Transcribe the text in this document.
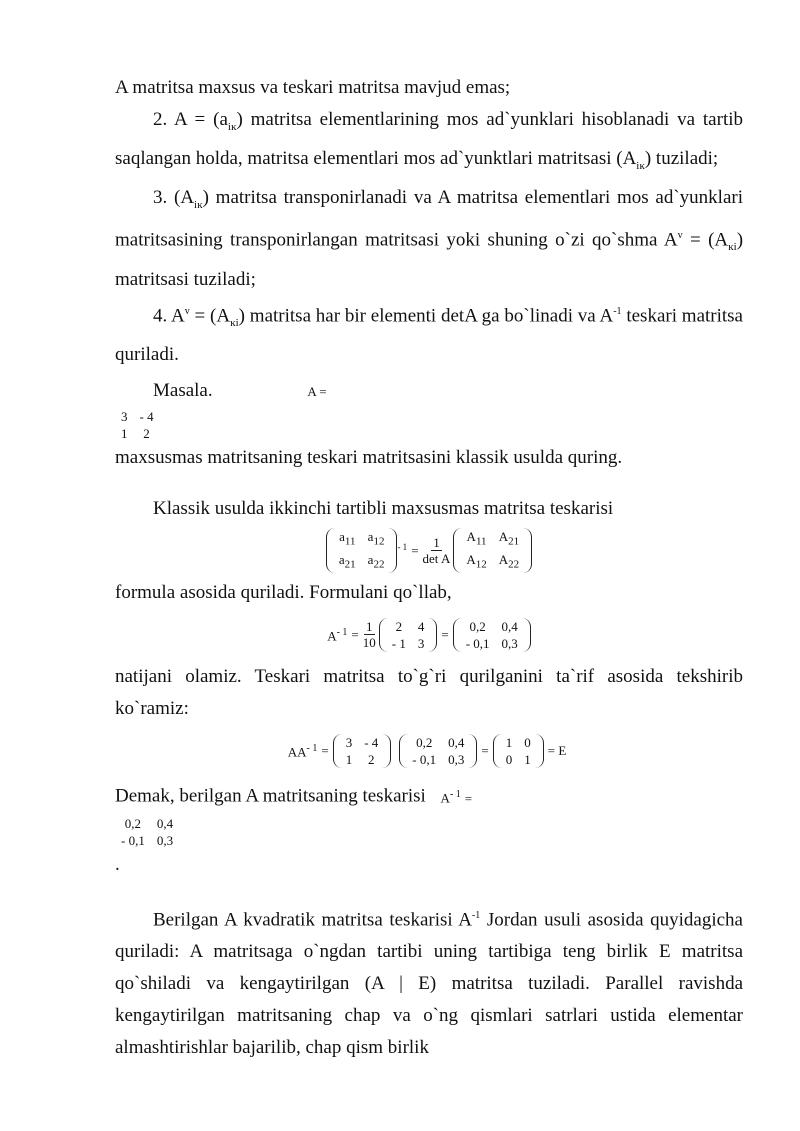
A matritsa maxsus va teskari matritsa mavjud emas;

2. $A = (a_{iĸ})$ matritsa elementlarining mos ad`yunklari hisoblanadi va tartib saqlangan holda, matritsa elementlari mos ad`yunktlari matritsasi $(A_{iĸ})$ tuziladi;

3. $(A_{iĸ})$ matritsa transponirlanadi va A matritsa elementlari mos ad`yunklari matritsasining transponirlangan matritsasi yoki shuning o`zi qo`shma $A^v = (A_{ĸi})$ matritsasi tuziladi;

4. $A^v = (A_{ĸi})$ matritsa har bir elementi detA ga bo`linadi va $A^{-1}$ teskari matritsa quriladi.

Masala.	A =

3	- 4
1	2
maxsusmas matritsaning teskari matritsasini klassik usulda quring.

Klassik usulda ikkinchi tartibli maxsusmas matritsa teskarisi

$a_{11}$	$a_{12}$
$a_{21}$	$a_{22}$
- $1 = \frac{1}{\text{det A}} A_{11}$	$A_{21}$
$A_{12}$	$A_{22}$

formula asosida quriladi. Formulani qo`llab,

$A^{- 1} = \frac{1}{10} 2$	4
- 1	3
=
0,2	0,4
- 0,1	0,3

natijani olamiz. Teskari matritsa to`g`ri qurilganini ta`rif asosida tekshirib ko`ramiz:

$AA^{- 1}$ =
3	- 4
1	2
0,2	0,4
- 0,1	0,3
=
1	0
0	1
= E

Demak, berilgan A matritsaning teskarisi $A^{- 1}$ =

0,2	0,4
- 0,1	0,3
.

Berilgan A kvadratik matritsa teskarisi $A^{-1}$ Jordan usuli asosida quyidagicha quriladi: A matritsaga o`ngdan tartibi uning tartibiga teng birlik E matritsa qo`shiladi va kengaytirilgan (A | E) matritsa tuziladi. Parallel ravishda kengaytirilgan matritsaning chap va o`ng qismlari satrlari ustida elementar almashtirishlar bajarilib, chap qism birlik
